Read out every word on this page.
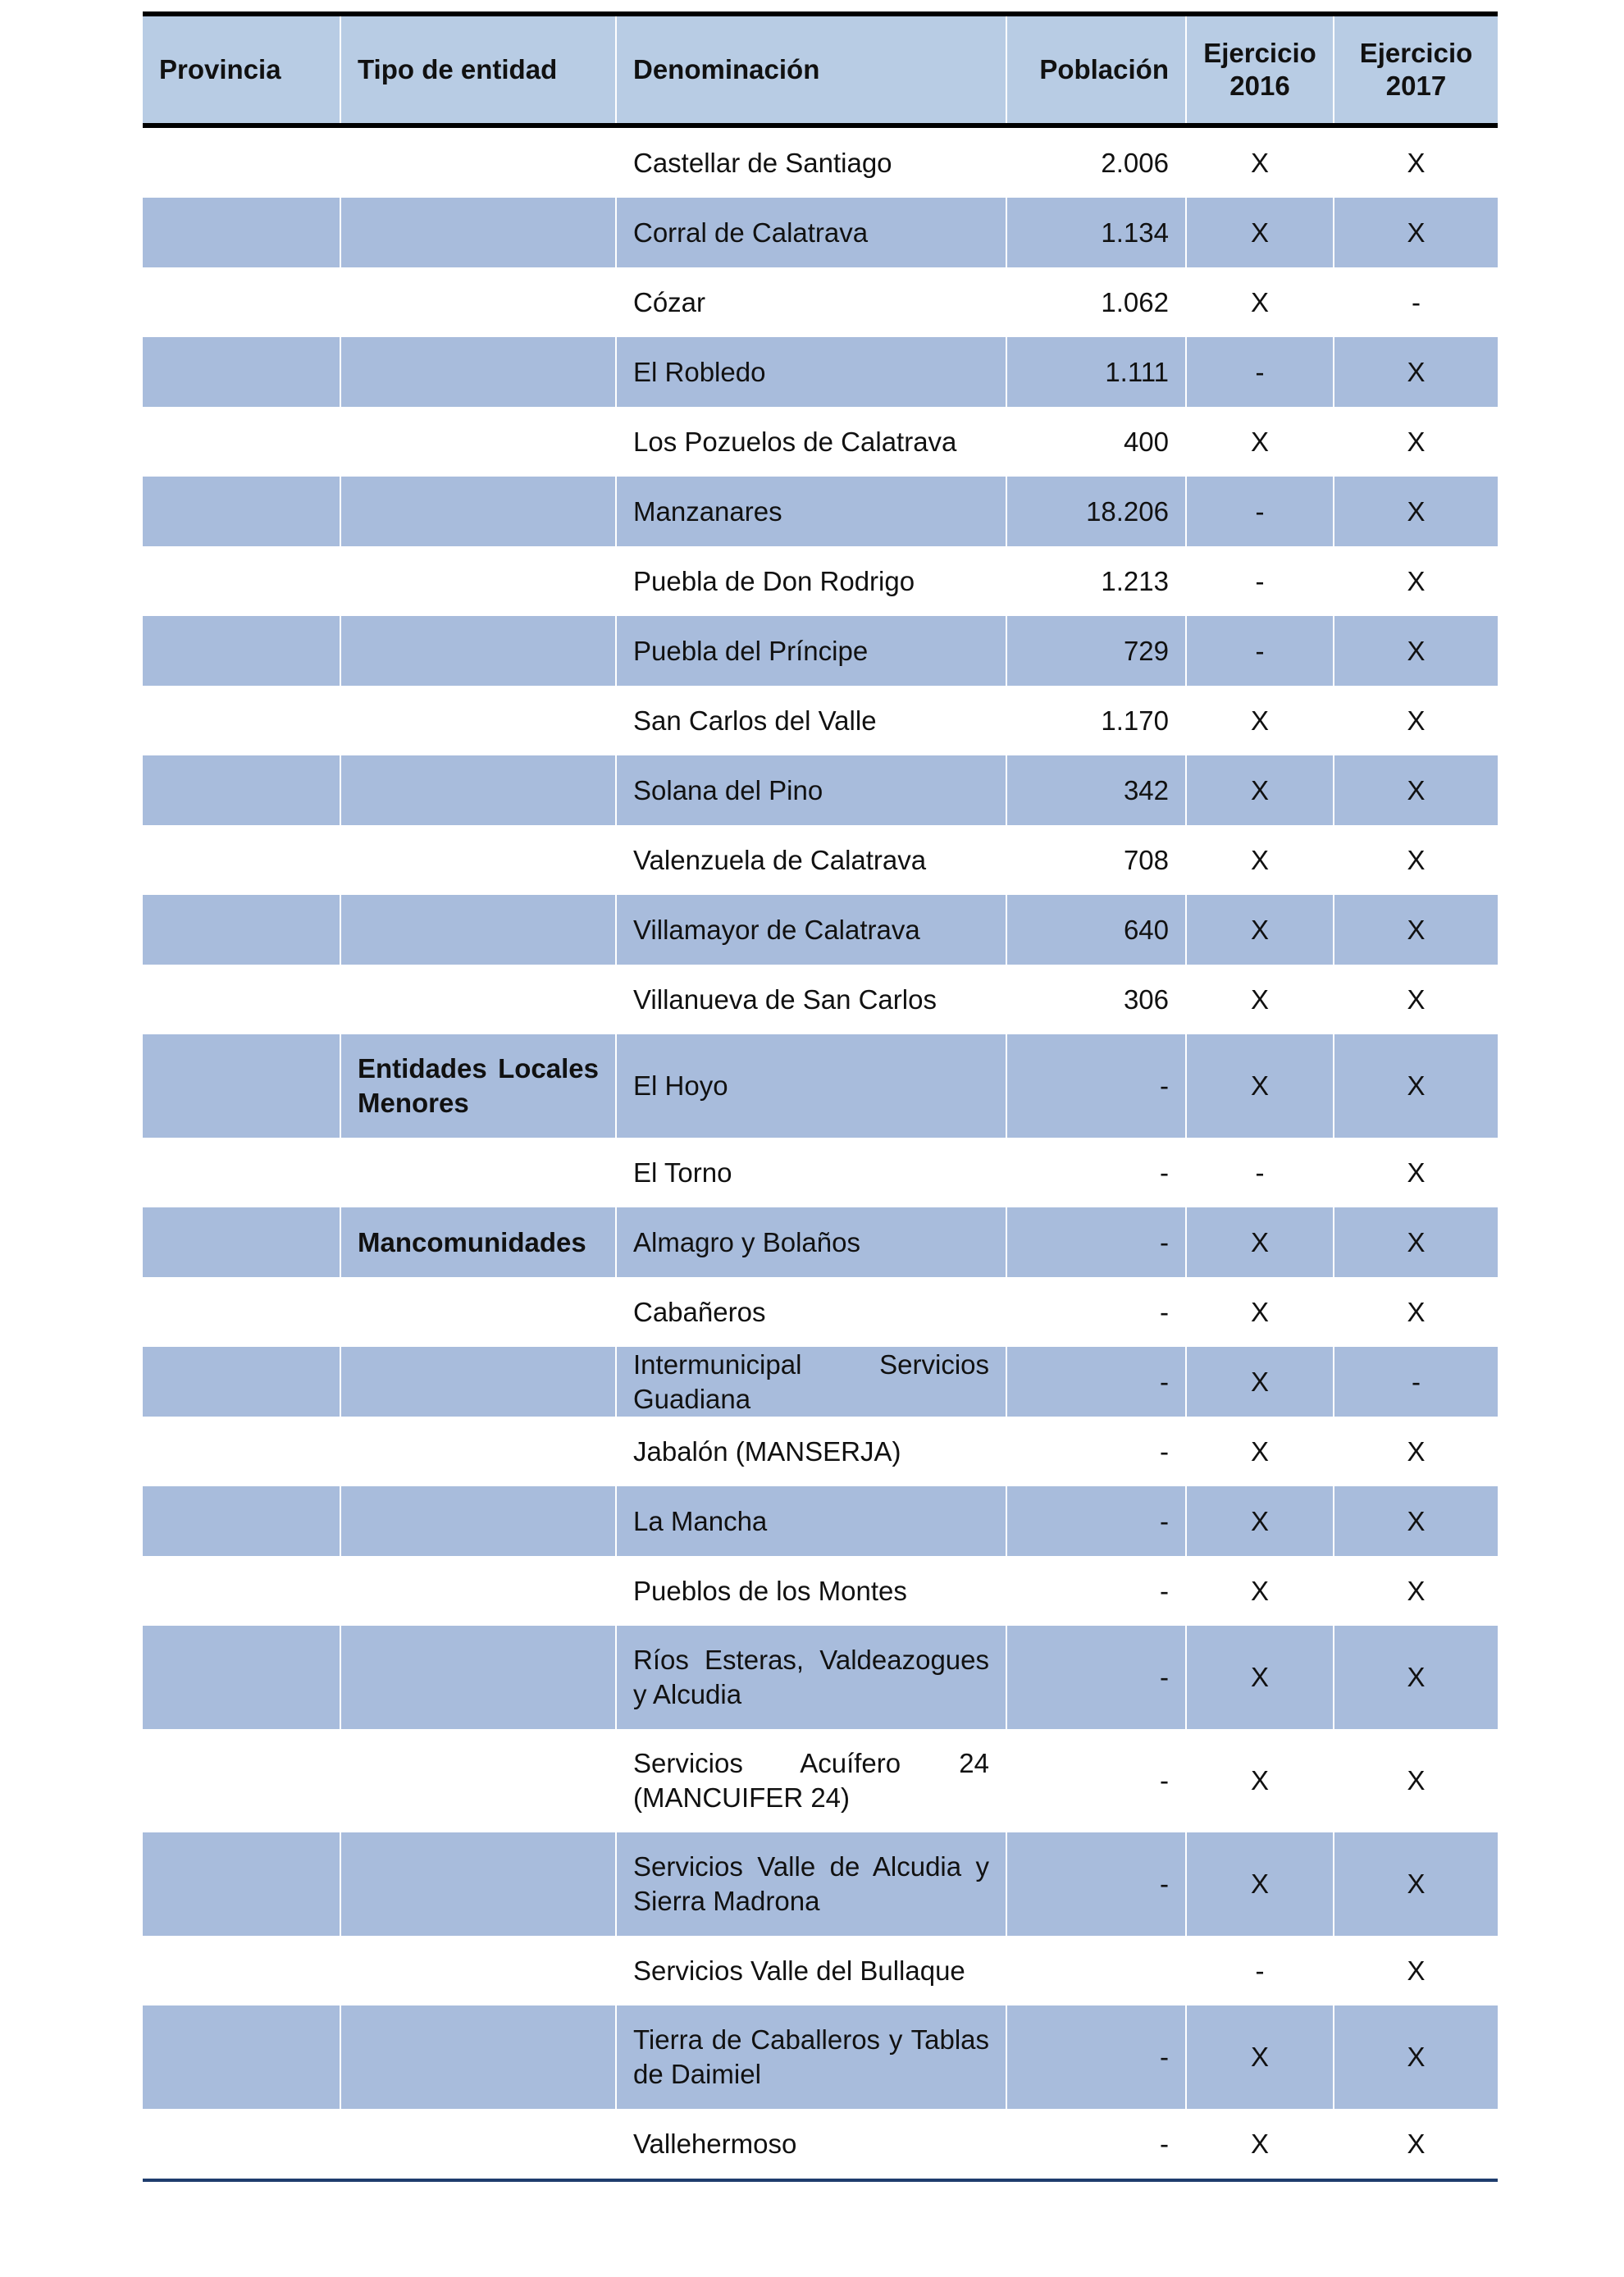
Provincia	Tipo de entidad	Denominación	Población	Ejercicio 2016	Ejercicio 2017
		Castellar de Santiago	2.006	X	X
		Corral de Calatrava	1.134	X	X
		Cózar	1.062	X	-
		El Robledo	1.111	-	X
		Los Pozuelos de Calatrava	400	X	X
		Manzanares	18.206	-	X
		Puebla de Don Rodrigo	1.213	-	X
		Puebla del Príncipe	729	-	X
		San Carlos del Valle	1.170	X	X
		Solana del Pino	342	X	X
		Valenzuela de Calatrava	708	X	X
		Villamayor de Calatrava	640	X	X
		Villanueva de San Carlos	306	X	X
	Entidades Locales Menores	El Hoyo	-	X	X
		El Torno	-	-	X
	Mancomunidades	Almagro y Bolaños	-	X	X
		Cabañeros	-	X	X
		Intermunicipal Servicios Guadiana	-	X	-
		Jabalón (MANSERJA)	-	X	X
		La Mancha	-	X	X
		Pueblos de los Montes	-	X	X
		Ríos Esteras, Valdeazogues y Alcudia	-	X	X
		Servicios Acuífero 24 (MANCUIFER 24)	-	X	X
		Servicios Valle de Alcudia y Sierra Madrona	-	X	X
		Servicios Valle del Bullaque		-	X
		Tierra de Caballeros y Tablas de Daimiel	-	X	X
		Vallehermoso	-	X	X
